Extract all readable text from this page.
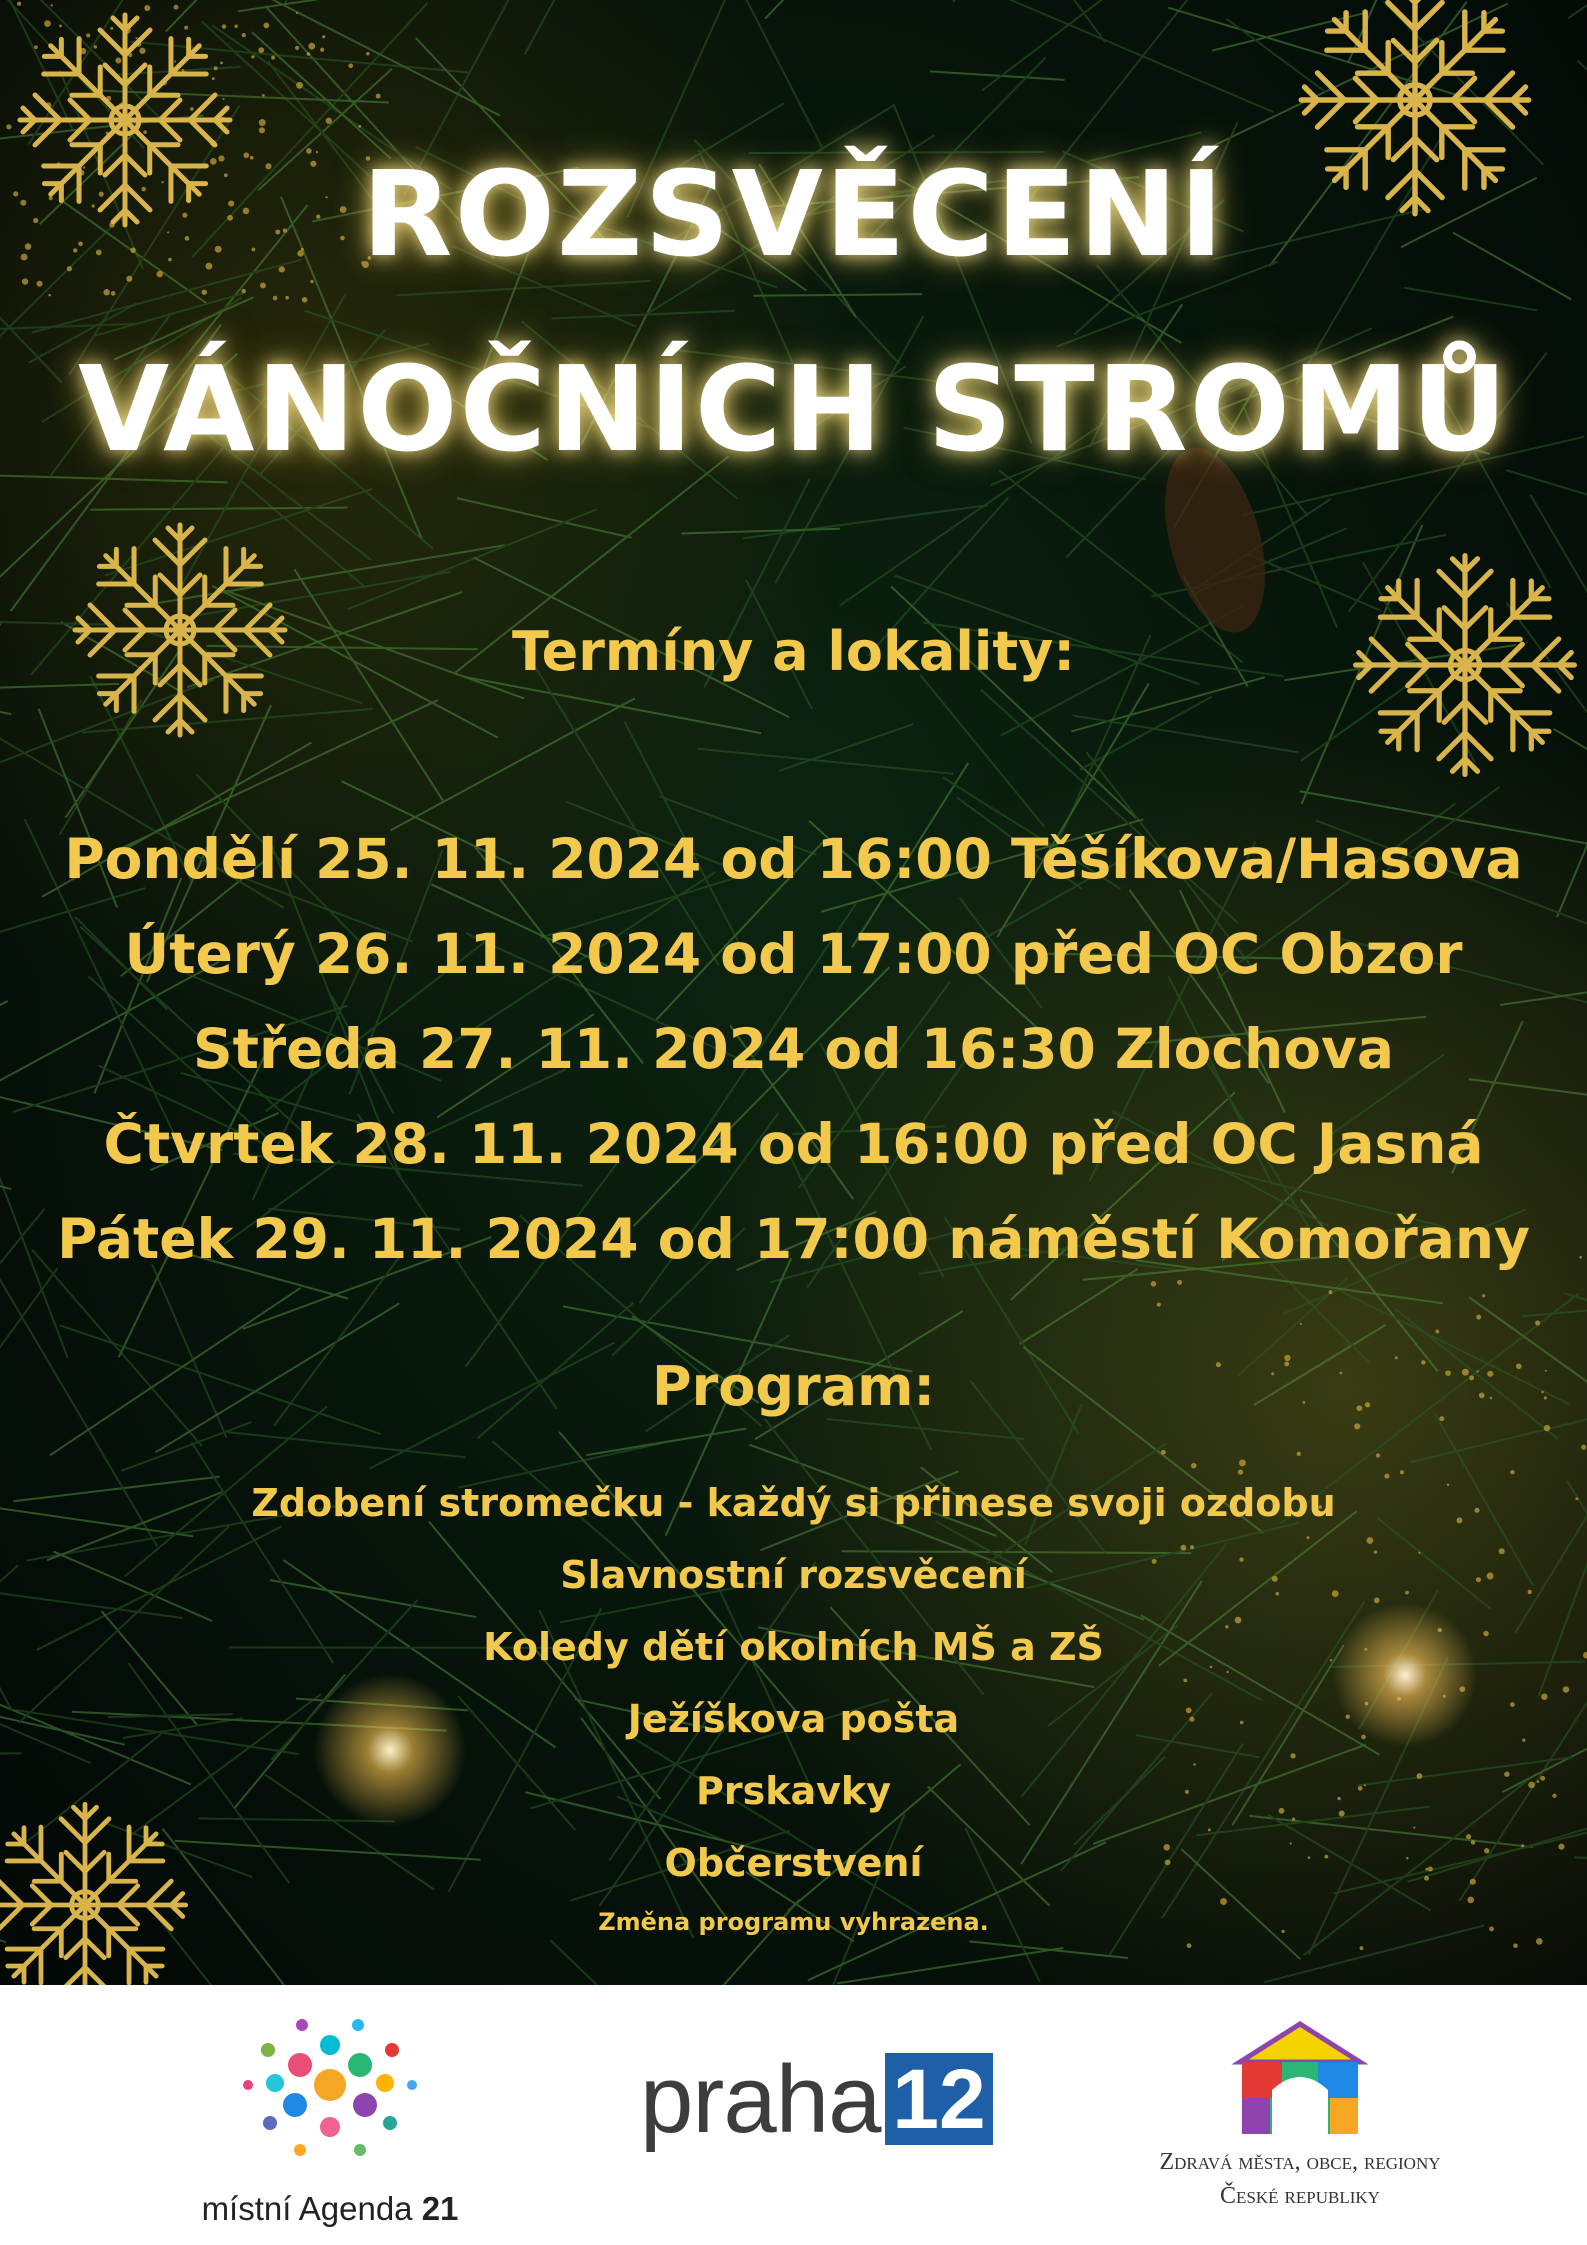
ROZSVĚCENÍ
VÁNOČNÍCH STROMŮ
Termíny a lokality:
Pondělí 25. 11. 2024 od 16:00 Těšíkova/Hasova
Úterý 26. 11. 2024 od 17:00 před OC Obzor
Středa 27. 11. 2024 od 16:30 Zlochova
Čtvrtek 28. 11. 2024 od 16:00 před OC Jasná
Pátek 29. 11. 2024 od 17:00 náměstí Komořany
Program:
Zdobení stromečku - každý si přinese svoji ozdobu
Slavnostní rozsvěcení
Koledy dětí okolních MŠ a ZŠ
Ježíškova pošta
Prskavky
Občerstvení
Změna programu vyhrazena.
místní Agenda 21
praha 12
Zdravá města, obce, regiony
České republiky
